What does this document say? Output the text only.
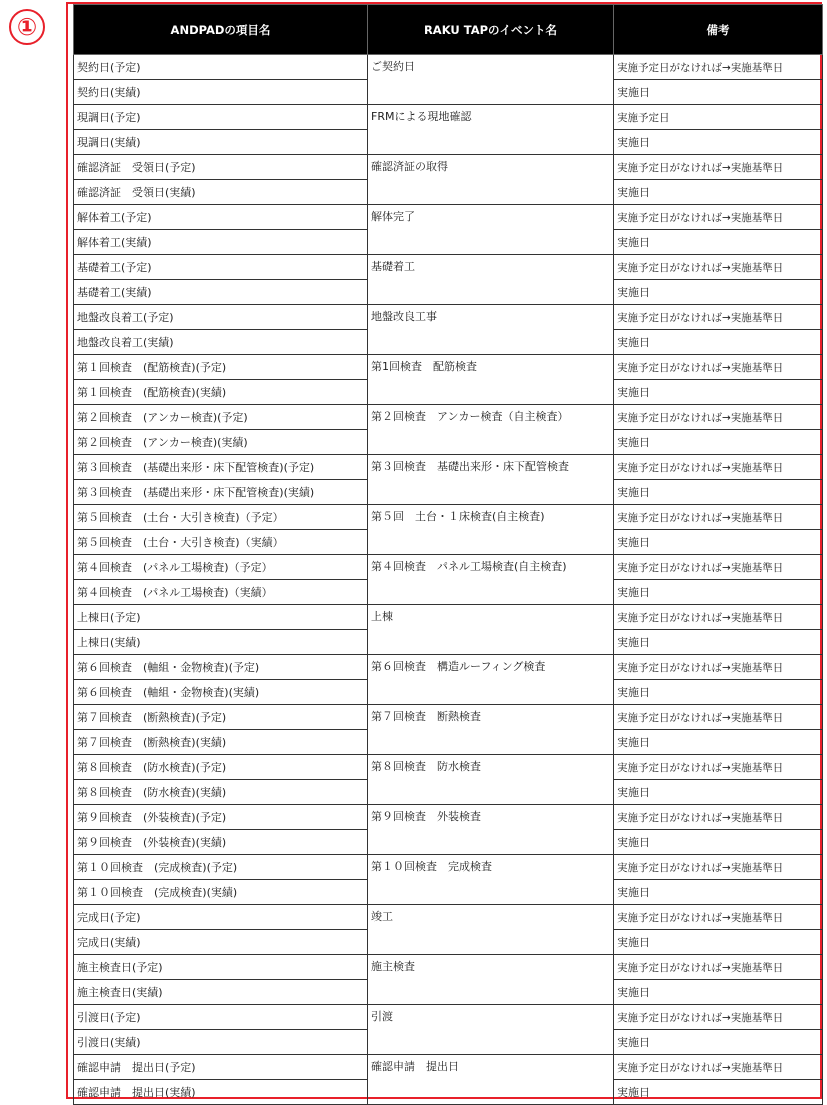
①	ANDPADの項目名	RAKU TAPのイベント名	備考
契約日(予定)	ご契約日	実施予定日がなければ→実施基準日
契約日(実績)		実施日
現調日(予定)	FRMによる現地確認	実施予定日
現調日(実績)		実施日
確認済証　受領日(予定)	確認済証の取得	実施予定日がなければ→実施基準日
確認済証　受領日(実績)		実施日
解体着工(予定)	解体完了	実施予定日がなければ→実施基準日
解体着工(実績)		実施日
基礎着工(予定)	基礎着工	実施予定日がなければ→実施基準日
基礎着工(実績)		実施日
地盤改良着工(予定)	地盤改良工事	実施予定日がなければ→実施基準日
地盤改良着工(実績)		実施日
第１回検査　(配筋検査)(予定)	第1回検査　配筋検査	実施予定日がなければ→実施基準日
第１回検査　(配筋検査)(実績)		実施日
第２回検査　(アンカー検査)(予定)	第２回検査　アンカー検査（自主検査）	実施予定日がなければ→実施基準日
第２回検査　(アンカー検査)(実績)		実施日
第３回検査　(基礎出来形・床下配管検査)(予定)	第３回検査　基礎出来形・床下配管検査	実施予定日がなければ→実施基準日
第３回検査　(基礎出来形・床下配管検査)(実績)		実施日
第５回検査　(土台・大引き検査)（予定）	第５回　土台・１床検査(自主検査)	実施予定日がなければ→実施基準日
第５回検査　(土台・大引き検査)（実績）		実施日
第４回検査　(パネル工場検査)（予定）	第４回検査　パネル工場検査(自主検査)	実施予定日がなければ→実施基準日
第４回検査　(パネル工場検査)（実績）		実施日
上棟日(予定)	上棟	実施予定日がなければ→実施基準日
上棟日(実績)		実施日
第６回検査　(軸組・金物検査)(予定)	第６回検査　構造ルーフィング検査	実施予定日がなければ→実施基準日
第６回検査　(軸組・金物検査)(実績)		実施日
第７回検査　(断熱検査)(予定)	第７回検査　断熱検査	実施予定日がなければ→実施基準日
第７回検査　(断熱検査)(実績)		実施日
第８回検査　(防水検査)(予定)	第８回検査　防水検査	実施予定日がなければ→実施基準日
第８回検査　(防水検査)(実績)		実施日
第９回検査　(外装検査)(予定)	第９回検査　外装検査	実施予定日がなければ→実施基準日
第９回検査　(外装検査)(実績)		実施日
第１０回検査　(完成検査)(予定)	第１０回検査　完成検査	実施予定日がなければ→実施基準日
第１０回検査　(完成検査)(実績)		実施日
完成日(予定)	竣工	実施予定日がなければ→実施基準日
完成日(実績)		実施日
施主検査日(予定)	施主検査	実施予定日がなければ→実施基準日
施主検査日(実績)		実施日
引渡日(予定)	引渡	実施予定日がなければ→実施基準日
引渡日(実績)		実施日
確認申請　提出日(予定)	確認申請　提出日	実施予定日がなければ→実施基準日
確認申請　提出日(実績)		実施日
